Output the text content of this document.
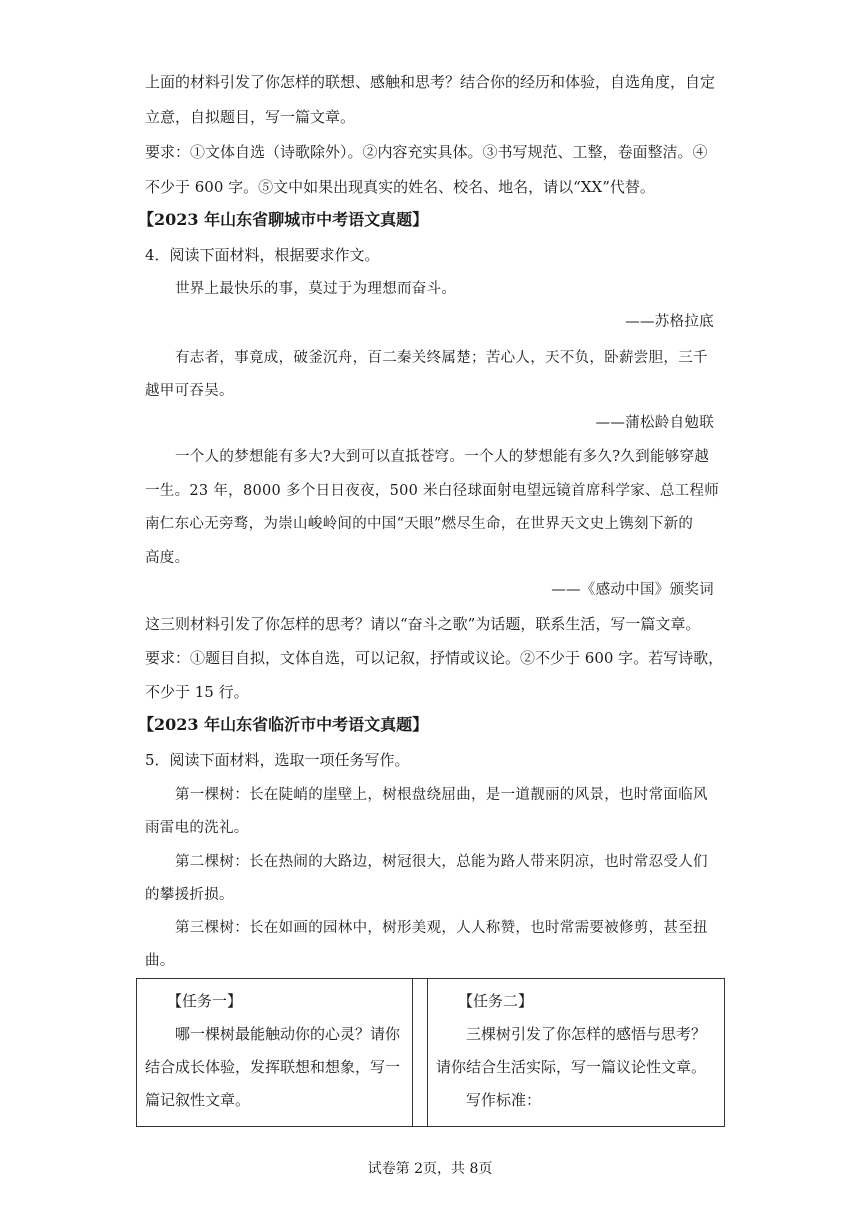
上面的材料引发了你怎样的联想、感触和思考？结合你的经历和体验，自选角度，自定
立意，自拟题目，写一篇文章。
要求：①文体自选（诗歌除外）。②内容充实具体。③书写规范、工整，卷面整洁。④
不少于 600 字。⑤文中如果出现真实的姓名、校名、地名，请以“XX”代替。
【2023 年山东省聊城市中考语文真题】
4．阅读下面材料，根据要求作文。
世界上最快乐的事，莫过于为理想而奋斗。
——苏格拉底
有志者，事竟成，破釜沉舟，百二秦关终属楚；苦心人，天不负，卧薪尝胆，三千
越甲可吞吴。
——蒲松龄自勉联
一个人的梦想能有多大?大到可以直抵苍穹。一个人的梦想能有多久?久到能够穿越
一生。23 年，8000 多个日日夜夜，500 米白径球面射电望远镜首席科学家、总工程师
南仁东心无旁骛，为崇山峻岭间的中国“天眼”燃尽生命，在世界天文史上镌刻下新的
高度。
——《感动中国》颁奖词
这三则材料引发了你怎样的思考？请以“奋斗之歌”为话题，联系生活，写一篇文章。
要求：①题目自拟，文体自选，可以记叙，抒情或议论。②不少于 600 字。若写诗歌，
不少于 15 行。
【2023 年山东省临沂市中考语文真题】
5．阅读下面材料，选取一项任务写作。
第一棵树：长在陡峭的崖壁上，树根盘绕屈曲，是一道靓丽的风景，也时常面临风
雨雷电的洗礼。
第二棵树：长在热闹的大路边，树冠很大，总能为路人带来阴凉，也时常忍受人们
的攀援折损。
第三棵树：长在如画的园林中，树形美观，人人称赞，也时常需要被修剪，甚至扭
曲。
【任务一】
哪一棵树最能触动你的心灵？请你
结合成长体验，发挥联想和想象，写一
篇记叙性文章。

【任务二】
三棵树引发了你怎样的感悟与思考？
请你结合生活实际，写一篇议论性文章。
写作标准：
试卷第 2页，共 8页
